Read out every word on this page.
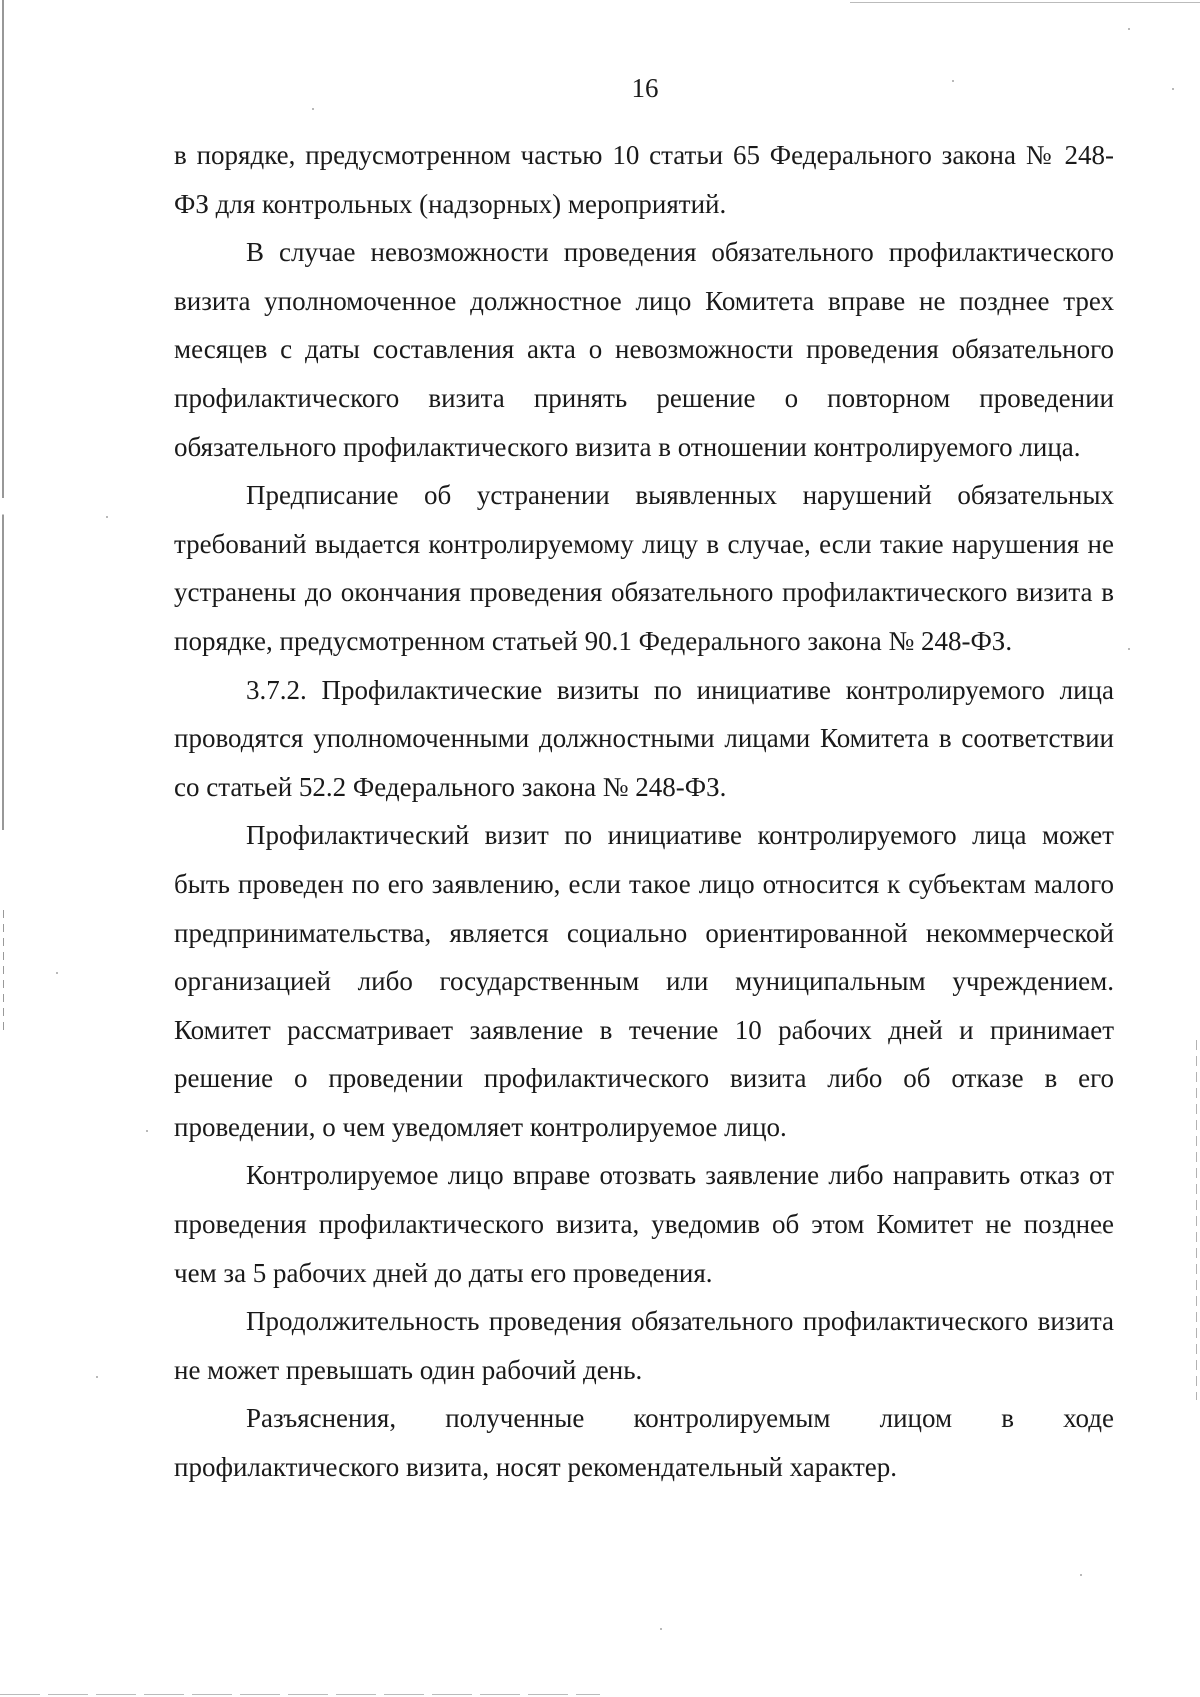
16

в порядке, предусмотренном частью 10 статьи 65 Федерального закона № 248-ФЗ для контрольных (надзорных) мероприятий.

В случае невозможности проведения обязательного профилактического визита уполномоченное должностное лицо Комитета вправе не позднее трех месяцев с даты составления акта о невозможности проведения обязательного профилактического визита принять решение о повторном проведении обязательного профилактического визита в отношении контролируемого лица.

Предписание об устранении выявленных нарушений обязательных требований выдается контролируемому лицу в случае, если такие нарушения не устранены до окончания проведения обязательного профилактического визита в порядке, предусмотренном статьей 90.1 Федерального закона № 248-ФЗ.

3.7.2. Профилактические визиты по инициативе контролируемого лица проводятся уполномоченными должностными лицами Комитета в соответствии со статьей 52.2 Федерального закона № 248-ФЗ.

Профилактический визит по инициативе контролируемого лица может быть проведен по его заявлению, если такое лицо относится к субъектам малого предпринимательства, является социально ориентированной некоммерческой организацией либо государственным или муниципальным учреждением. Комитет рассматривает заявление в течение 10 рабочих дней и принимает решение о проведении профилактического визита либо об отказе в его проведении, о чем уведомляет контролируемое лицо.

Контролируемое лицо вправе отозвать заявление либо направить отказ от проведения профилактического визита, уведомив об этом Комитет не позднее чем за 5 рабочих дней до даты его проведения.

Продолжительность проведения обязательного профилактического визита не может превышать один рабочий день.

Разъяснения, полученные контролируемым лицом в ходе профилактического визита, носят рекомендательный характер.
